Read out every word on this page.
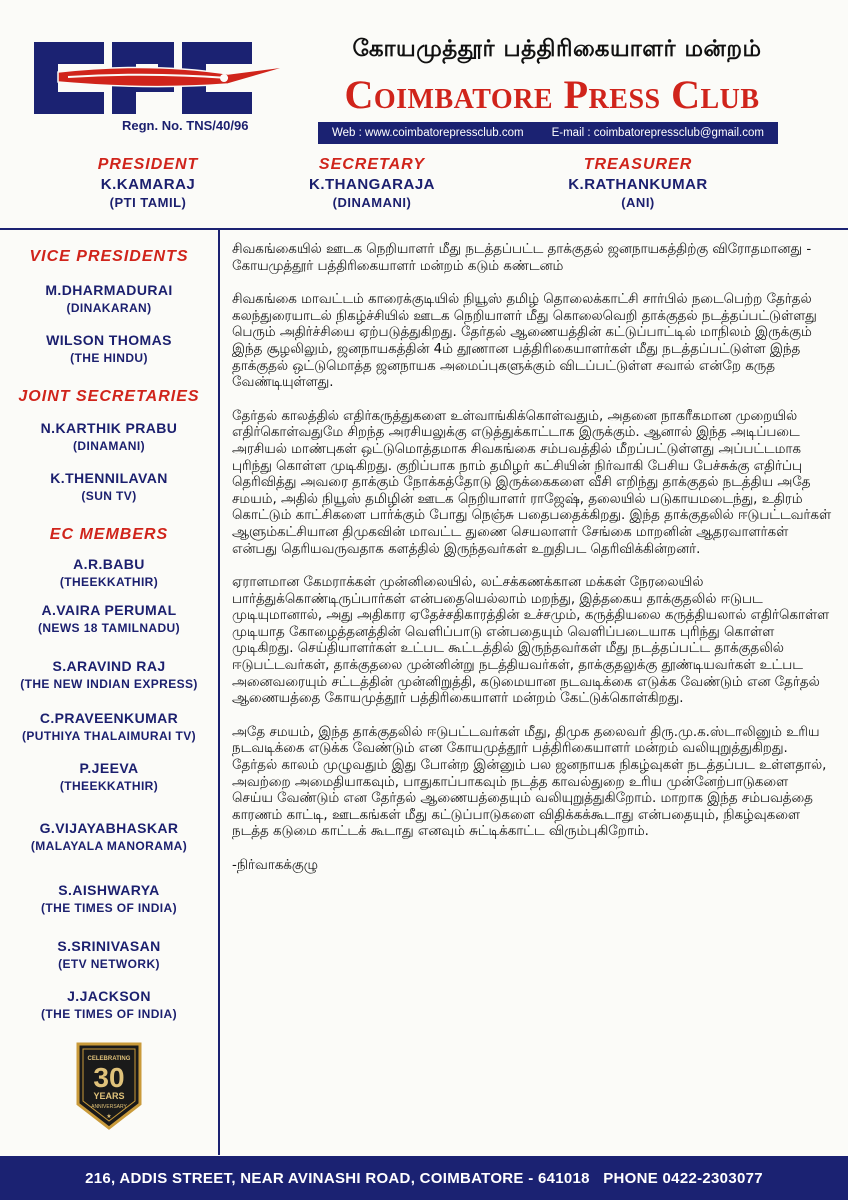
Regn. No. TNS/40/96
கோயமுத்தூர் பத்திரிகையாளர் மன்றம்
Coimbatore Press Club
Web : www.coimbatorepressclub.com E-mail : coimbatorepressclub@gmail.com
PRESIDENT
K.KAMARAJ
(PTI TAMIL)
SECRETARY
K.THANGARAJA
(DINAMANI)
TREASURER
K.RATHANKUMAR
(ANI)
VICE PRESIDENTS
M.DHARMADURAI
(DINAKARAN)
WILSON THOMAS
(THE HINDU)
JOINT SECRETARIES
N.KARTHIK PRABU
(DINAMANI)
K.THENNILAVAN
(SUN TV)
EC MEMBERS
A.R.BABU
(THEEKKATHIR)
A.VAIRA PERUMAL
(NEWS 18 TAMILNADU)
S.ARAVIND RAJ
(THE NEW INDIAN EXPRESS)
C.PRAVEENKUMAR
(PUTHIYA THALAIMURAI TV)
P.JEEVA
(THEEKKATHIR)
G.VIJAYABHASKAR
(MALAYALA MANORAMA)
S.AISHWARYA
(THE TIMES OF INDIA)
S.SRINIVASAN
(ETV NETWORK)
J.JACKSON
(THE TIMES OF INDIA)
CELEBRATING
30
YEARS
ANNIVERSARY
★

சிவகங்கையில் ஊடக நெறியாளர் மீது நடத்தப்பட்ட தாக்குதல் ஜனநாயகத்திற்கு விரோதமானது - கோயமுத்தூர் பத்திரிகையாளர் மன்றம் கடும் கண்டனம்

சிவகங்கை மாவட்டம் காரைக்குடியில் நியூஸ் தமிழ் தொலைக்காட்சி சார்பில் நடைபெற்ற தேர்தல் கலந்துரையாடல் நிகழ்ச்சியில் ஊடக நெறியாளர் மீது கொலைவெறி தாக்குதல் நடத்தப்பட்டுள்ளது பெரும் அதிர்ச்சியை ஏற்படுத்துகிறது. தேர்தல் ஆணையத்தின் கட்டுப்பாட்டில் மாநிலம் இருக்கும் இந்த சூழலிலும், ஜனநாயகத்தின் 4ம் தூணான பத்திரிகையாளர்கள் மீது நடத்தப்பட்டுள்ள இந்த தாக்குதல் ஒட்டுமொத்த ஜனநாயக அமைப்புகளுக்கும் விடப்பட்டுள்ள சவால் என்றே கருத வேண்டியுள்ளது.

தேர்தல் காலத்தில் எதிர்கருத்துகளை உள்வாங்கிக்கொள்வதும், அதனை நாகரீகமான முறையில் எதிர்கொள்வதுமே சிறந்த அரசியலுக்கு எடுத்துக்காட்டாக இருக்கும். ஆனால் இந்த அடிப்படை அரசியல் மாண்புகள் ஒட்டுமொத்தமாக சிவகங்கை சம்பவத்தில் மீறப்பட்டுள்ளது அப்பட்டமாக புரிந்து கொள்ள முடிகிறது. குறிப்பாக நாம் தமிழர் கட்சியின் நிர்வாகி பேசிய பேச்சுக்கு எதிர்ப்பு தெரிவித்து அவரை தாக்கும் நோக்கத்தோடு இருக்கைகளை வீசி எறிந்து தாக்குதல் நடத்திய அதே சமயம், அதில் நியூஸ் தமிழின் ஊடக நெறியாளர் ராஜேஷ், தலையில் படுகாயமடைந்து, உதிரம் கொட்டும் காட்சிகளை பார்க்கும் போது நெஞ்சு பதைபதைக்கிறது. இந்த தாக்குதலில் ஈடுபட்டவர்கள் ஆளும்கட்சியான திமுகவின் மாவட்ட துணை செயலாளர் சேங்கை மாறனின் ஆதரவாளர்கள் என்பது தெரியவருவதாக களத்தில் இருந்தவர்கள் உறுதிபட தெரிவிக்கின்றனர்.

ஏராளமான கேமராக்கள் முன்னிலையில், லட்சக்கணக்கான மக்கள் நேரலையில் பார்த்துக்கொண்டிருப்பார்கள் என்பதையெல்லாம் மறந்து, இத்தகைய தாக்குதலில் ஈடுபட முடியுமானால், அது அதிகார ஏதேச்சதிகாரத்தின் உச்சமும், கருத்தியலை கருத்தியலால் எதிர்கொள்ள முடியாத கோழைத்தனத்தின் வெளிப்பாடு என்பதையும் வெளிப்படையாக புரிந்து கொள்ள முடிகிறது. செய்தியாளர்கள் உட்பட கூட்டத்தில் இருந்தவர்கள் மீது நடத்தப்பட்ட தாக்குதலில் ஈடுபட்டவர்கள், தாக்குதலை முன்னின்று நடத்தியவர்கள், தாக்குதலுக்கு தூண்டியவர்கள் உட்பட அனைவரையும் சட்டத்தின் முன்னிறுத்தி, கடுமையான நடவடிக்கை எடுக்க வேண்டும் என தேர்தல் ஆணையத்தை கோயமுத்தூர் பத்திரிகையாளர் மன்றம் கேட்டுக்கொள்கிறது.

அதே சமயம், இந்த தாக்குதலில் ஈடுபட்டவர்கள் மீது, திமுக தலைவர் திரு.மு.க.ஸ்டாலினும் உரிய நடவடிக்கை எடுக்க வேண்டும் என கோயமுத்தூர் பத்திரிகையாளர் மன்றம் வலியுறுத்துகிறது. தேர்தல் காலம் முழுவதும் இது போன்ற இன்னும் பல ஜனநாயக நிகழ்வுகள் நடத்தப்பட உள்ளதால், அவற்றை அமைதியாகவும், பாதுகாப்பாகவும் நடத்த காவல்துறை உரிய முன்னேற்பாடுகளை செய்ய வேண்டும் என தேர்தல் ஆணையத்தையும் வலியுறுத்துகிறோம். மாறாக இந்த சம்பவத்தை காரணம் காட்டி, ஊடகங்கள் மீது கட்டுப்பாடுகளை விதிக்கக்கூடாது என்பதையும், நிகழ்வுகளை நடத்த கடுமை காட்டக் கூடாது எனவும் சுட்டிக்காட்ட விரும்புகிறோம்.

-நிர்வாகக்குழு

216, ADDIS STREET, NEAR AVINASHI ROAD, COIMBATORE - 641018   PHONE 0422-2303077
